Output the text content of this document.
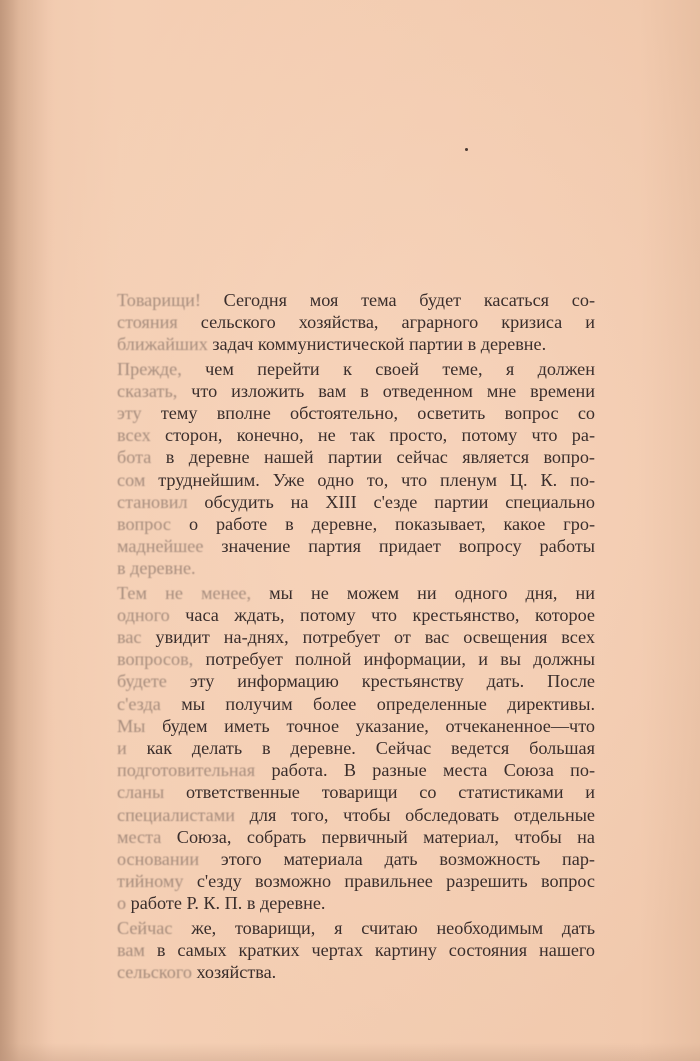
Товарищи! Сегодня моя тема будет касаться со-
стояния сельского хозяйства, аграрного кризиса и
ближайших задач коммунистической партии в деревне.
Прежде, чем перейти к своей теме, я должен
сказать, что изложить вам в отведенном мне времени
эту тему вполне обстоятельно, осветить вопрос со
всех сторон, конечно, не так просто, потому что ра-
бота в деревне нашей партии сейчас является вопро-
сом труднейшим. Уже одно то, что пленум Ц. К. по-
становил обсудить на XIII с'езде партии специально
вопрос о работе в деревне, показывает, какое гро-
маднейшее значение партия придает вопросу работы
в деревне.
Тем не менее, мы не можем ни одного дня, ни
одного часа ждать, потому что крестьянство, которое
вас увидит на-днях, потребует от вас освещения всех
вопросов, потребует полной информации, и вы должны
будете эту информацию крестьянству дать. После
с'езда мы получим более определенные директивы.
Мы будем иметь точное указание, отчеканенное—что
и как делать в деревне. Сейчас ведется большая
подготовительная работа. В разные места Союза по-
сланы ответственные товарищи со статистиками и
специалистами для того, чтобы обследовать отдельные
места Союза, собрать первичный материал, чтобы на
основании этого материала дать возможность пар-
тийному с'езду возможно правильнее разрешить вопрос
о работе Р. К. П. в деревне.
Сейчас же, товарищи, я считаю необходимым дать
вам в самых кратких чертах картину состояния нашего
сельского хозяйства.
